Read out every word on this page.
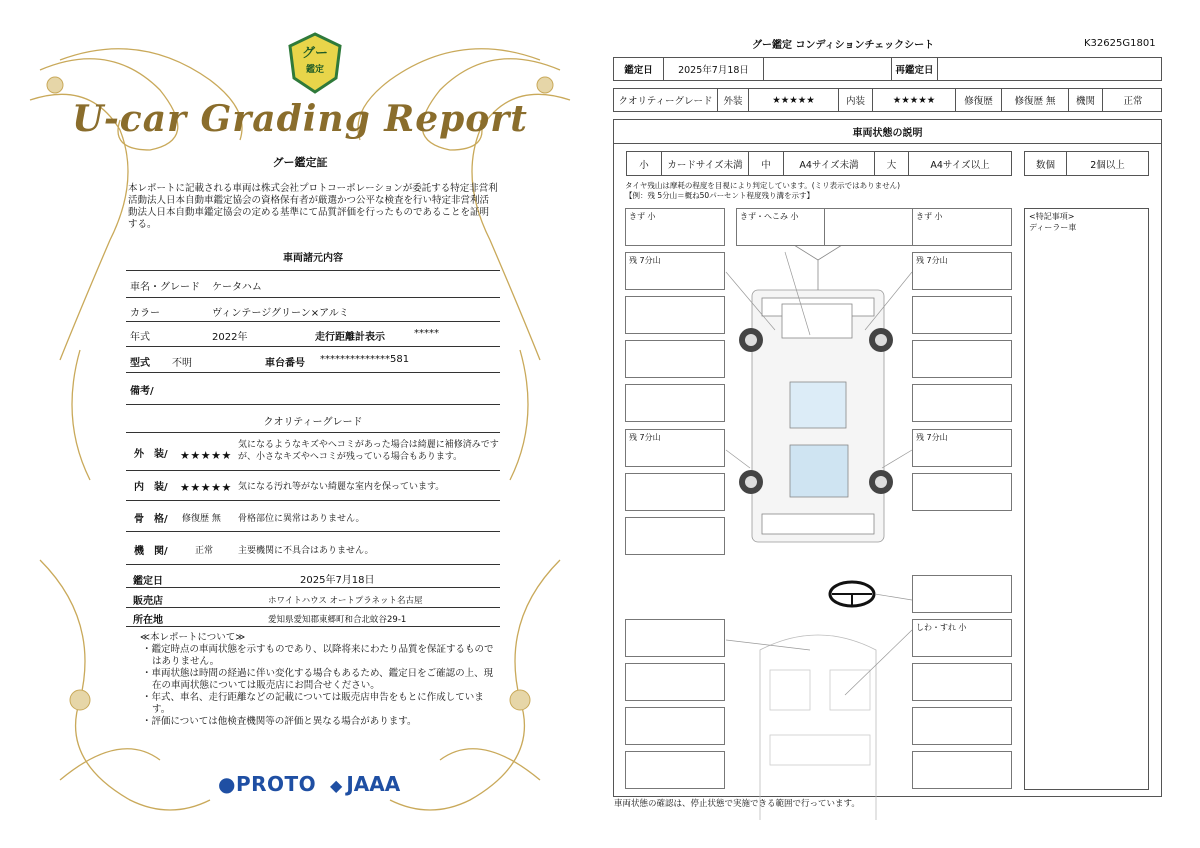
グー
鑑定
U-car Grading Report
グー鑑定証
本レポートに記載される車両は株式会社プロトコーポレーションが委託する特定非営利活動法人日本自動車鑑定協会の資格保有者が厳選かつ公平な検査を行い特定非営利活動法人日本自動車鑑定協会の定める基準にて品質評価を行ったものであることを証明する。
車両諸元内容
車名・グレード ケータハム
カラー	ヴィンテージグリーン×アルミ
年式	2022年	走行距離計表示	*****
型式 不明	車台番号 **************581
備考/
クオリティーグレード
外　装/ ★★★★★
気になるようなキズやヘコミがあった場合は綺麗に補修済みですが、小さなキズやヘコミが残っている場合もあります。
内　装/ ★★★★★ 気になる汚れ等がない綺麗な室内を保っています。
骨　格/ 修復歴 無 骨格部位に異常はありません。
機　関/	正常	主要機関に不具合はありません。
鑑定日	2025年7月18日
販売店	ホワイトハウス オートプラネット名古屋
所在地	愛知県愛知郡東郷町和合北蚊谷29-1
≪本レポートについて≫
・鑑定時点の車両状態を示すものであり、以降将来にわたり品質を保証するものではありません。
・車両状態は時間の経過に伴い変化する場合もあるため、鑑定日をご確認の上、現在の車両状態については販売店にお問合せください。
・年式、車名、走行距離などの記載については販売店申告をもとに作成しています。
・評価については他検査機関等の評価と異なる場合があります。
●PROTO ◆ JAAA
グー鑑定 コンディションチェックシート	K32625G1801
鑑定日	2025年7月18日	再鑑定日
クオリティーグレード	外装	★★★★★	内装	★★★★★	修復歴	修復歴 無	機関	正常
車両状態の説明
小	カードサイズ未満	中	A4サイズ未満	大	A4サイズ以上	数個	2個以上
タイヤ残山は摩耗の程度を目視により判定しています。(ミリ表示ではありません)
【例：残 5分山＝概ね50パーセント程度残り溝を示す】
きず 小	きず・へこみ 小	きず 小
残 7分山
残 7分山
残 7分山
残 7分山
しわ・すれ 小
<特記事項>
ディーラー車
車両状態の確認は、停止状態で実施できる範囲で行っています。
